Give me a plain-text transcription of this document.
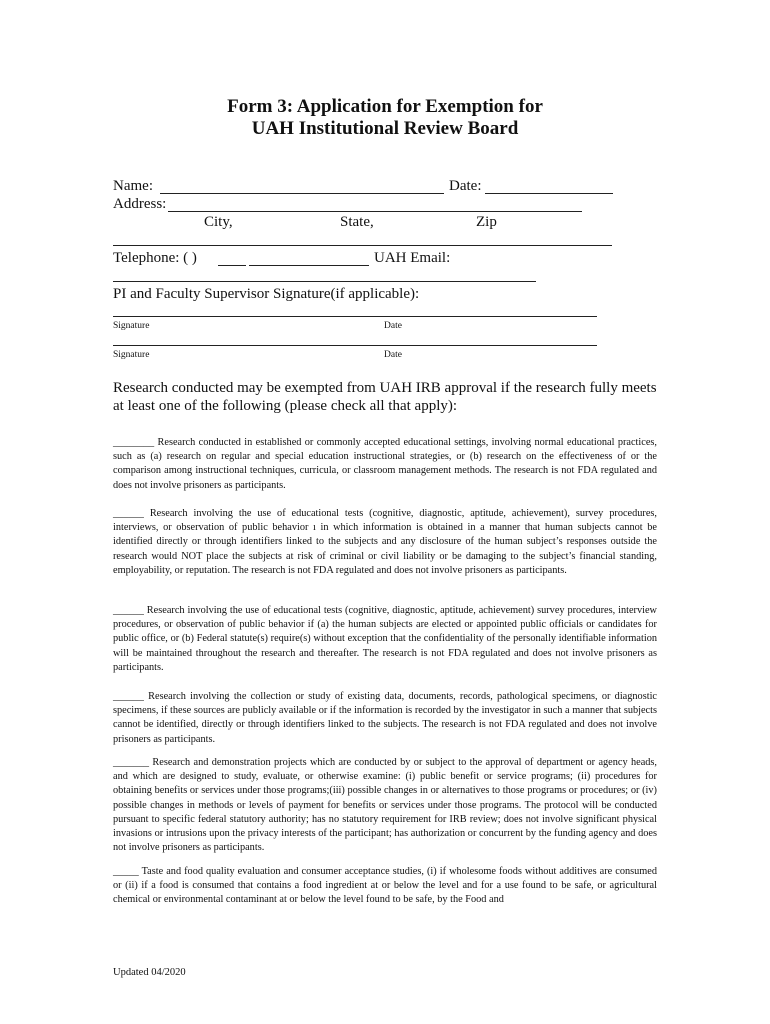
Form 3: Application for Exemption for
UAH Institutional Review Board
Name:	Date:
Address:
City,	State,	Zip
Telephone: ( )	UAH Email:
PI and Faculty Supervisor Signature(if applicable):
Signature	Date
Signature	Date
Research conducted may be exempted from UAH IRB approval if the research fully meets at least one of the following (please check all that apply):

________ Research conducted in established or commonly accepted educational settings, involving normal educational practices, such as (a) research on regular and special education instructional strategies, or (b) research on the effectiveness of or the comparison among instructional techniques, curricula, or classroom management methods. The research is not FDA regulated and does not involve prisoners as participants.

______ Research involving the use of educational tests (cognitive, diagnostic, aptitude, achievement), survey procedures, interviews, or observation of public behavior ı in which information is obtained in a manner that human subjects cannot be identified directly or through identifiers linked to the subjects and any disclosure of the human subject’s responses outside the research would NOT place the subjects at risk of criminal or civil liability or be damaging to the subject’s financial standing, employability, or reputation. The research is not FDA regulated and does not involve prisoners as participants.

______ Research involving the use of educational tests (cognitive, diagnostic, aptitude, achievement) survey procedures, interview procedures, or observation of public behavior if (a) the human subjects are elected or appointed public officials or candidates for public office, or (b) Federal statute(s) require(s) without exception that the confidentiality of the personally identifiable information will be maintained throughout the research and thereafter. The research is not FDA regulated and does not involve prisoners as participants.

______ Research involving the collection or study of existing data, documents, records, pathological specimens, or diagnostic specimens, if these sources are publicly available or if the information is recorded by the investigator in such a manner that subjects cannot be identified, directly or through identifiers linked to the subjects. The research is not FDA regulated and does not involve prisoners as participants.

_______ Research and demonstration projects which are conducted by or subject to the approval of department or agency heads, and which are designed to study, evaluate, or otherwise examine: (i) public benefit or service programs; (ii) procedures for obtaining benefits or services under those programs;(iii) possible changes in or alternatives to those programs or procedures; or (iv) possible changes in methods or levels of payment for benefits or services under those programs. The protocol will be conducted pursuant to specific federal statutory authority; has no statutory requirement for IRB review; does not involve significant physical invasions or intrusions upon the privacy interests of the participant; has authorization or concurrent by the funding agency and does not involve prisoners as participants.

_____ Taste and food quality evaluation and consumer acceptance studies, (i) if wholesome foods without additives are consumed or (ii) if a food is consumed that contains a food ingredient at or below the level and for a use found to be safe, or agricultural chemical or environmental contaminant at or below the level found to be safe, by the Food and

Updated 04/2020
